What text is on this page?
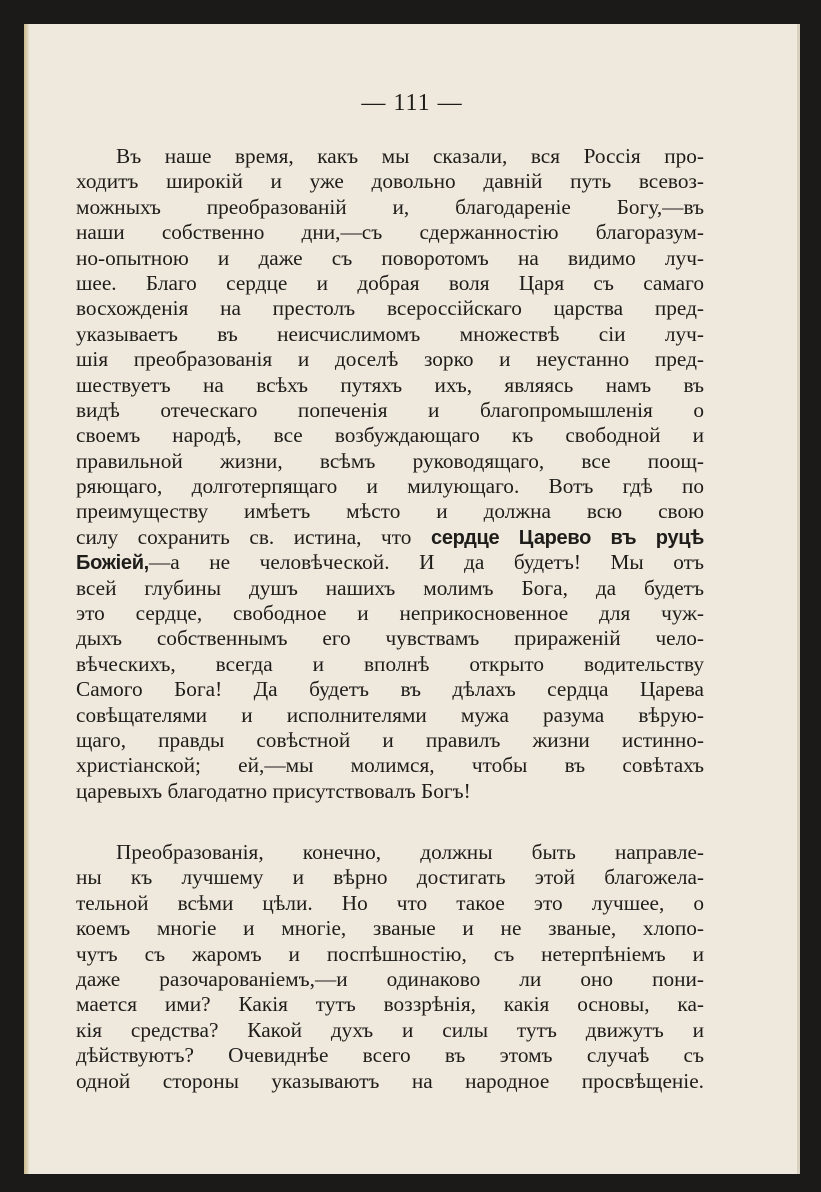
— 111 —
Въ наше время, какъ мы сказали, вся Россія про-
ходитъ широкій и уже довольно давній путь всевоз-
можныхъ преобразованій и, благодареніе Богу,—въ
наши собственно дни,—съ сдержанностію благоразум-
но-опытною и даже съ поворотомъ на видимо луч-
шее. Благо сердце и добрая воля Царя съ самаго
восхожденія на престолъ всероссійскаго царства пред-
указываетъ въ неисчислимомъ множествѣ сіи луч-
шія преобразованія и доселѣ зорко и неустанно пред-
шествуетъ на всѣхъ путяхъ ихъ, являясь намъ въ
видѣ отеческаго попеченія и благопромышленія о
своемъ народѣ, все возбуждающаго къ свободной и
правильной жизни, всѣмъ руководящаго, все поощ-
ряющаго, долготерпящаго и милующаго. Вотъ гдѣ по
преимуществу имѣетъ мѣсто и должна всю свою
силу сохранить св. истина, что сердце Царево въ руцѣ
Божіей,—а не человѣческой. И да будетъ! Мы отъ
всей глубины душъ нашихъ молимъ Бога, да будетъ
это сердце, свободное и неприкосновенное для чуж-
дыхъ собственнымъ его чувствамъ приражeній чело-
вѣческихъ, всегда и вполнѣ открыто водительству
Самого Бога! Да будетъ въ дѣлахъ сердца Царева
совѣщателями и исполнителями мужа разума вѣрую-
щаго, правды совѣстной и правилъ жизни истинно-
христіанской; ей,—мы молимся, чтобы въ совѣтахъ
царевыхъ благодатно присутствовалъ Богъ!
Преобразованія, конечно, должны быть направле-
ны къ лучшему и вѣрно достигать этой благожела-
тельной всѣми цѣли. Но что такое это лучшее, о
коемъ многіе и многіе, званые и не званые, хлопо-
чутъ съ жаромъ и поспѣшностію, съ нетерпѣніемъ и
даже разочарованіемъ,—и одинаково ли оно пони-
мается ими? Какія тутъ воззрѣнія, какія основы, ка-
кія средства? Какой духъ и силы тутъ движутъ и
дѣйствуютъ? Очевиднѣе всего въ этомъ случаѣ съ
одной стороны указываютъ на народное просвѣщеніе.
